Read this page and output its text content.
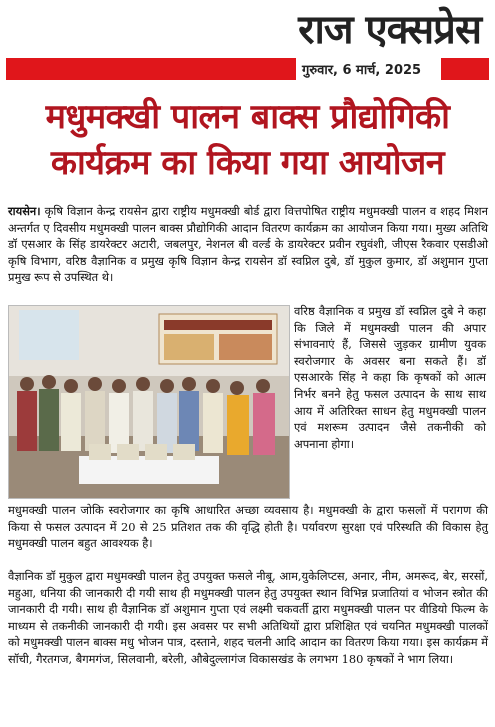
राज एक्सप्रेस
गुरुवार, 6 मार्च, 2025
मधुमक्खी पालन बाक्स प्रौद्योगिकी
कार्यक्रम का किया गया आयोजन
रायसेन। कृषि विज्ञान केन्द्र रायसेन द्वारा राष्ट्रीय मधुमक्खी बोर्ड द्वारा वित्तपोषित राष्ट्रीय मधुमक्खी पालन व शहद मिशन अन्तर्गत ए दिवसीय मधुमक्खी पालन बाक्स प्रौद्योगिकी आदान वितरण कार्यक्रम का आयोजन किया गया। मुख्य अतिथि डॉ एसआर के सिंह डायरेक्टर अटारी, जबलपुर, नेशनल बी वर्ल्ड के डायरेक्टर प्रवीन रघुवंशी, जीएस रैकवार एसडीओ कृषि विभाग, वरिष्ठ वैज्ञानिक व प्रमुख कृषि विज्ञान केन्द्र रायसेन डॉ स्वप्निल दुबे, डॉ मुकुल कुमार, डॉ अशुमान गुप्ता प्रमुख रूप से उपस्थित थे।
वरिष्ठ वैज्ञानिक व प्रमुख डॉ स्वप्निल दुबे ने कहा कि जिले में मधुमक्खी पालन की अपार संभावनाएं हैं, जिससे जुड़कर ग्रामीण युवक स्वरोजगार के अवसर बना सकते हैं। डॉ एसआरके सिंह ने कहा कि कृषकों को आत्म निर्भर बनने हेतु फसल उत्पादन के साथ साथ आय में अतिरिक्त साधन हेतु मधुमक्खी पालन एवं मशरूम उत्पादन जैसे तकनीकी को अपनाना होगा।
मधुमक्खी पालन जोकि स्वरोजगार का कृषि आधारित अच्छा व्यवसाय है। मधुमक्खी के द्वारा फसलों में परागण की किया से फसल उत्पादन में 20 से 25 प्रतिशत तक की वृद्धि होती है। पर्यावरण सुरक्षा एवं परिस्थति की विकास हेतु मधुमक्खी पालन बहुत आवश्यक है।
वैज्ञानिक डॉ मुकुल द्वारा मधुमक्खी पालन हेतु उपयुक्त फसले नीबू, आम,युकेलिप्टस, अनार, नीम, अमरूद, बेर, सरसों, महुआ, धनिया की जानकारी दी गयी साथ ही मधुमक्खी पालन हेतु उपयुक्त स्थान विभिन्न प्रजातियां व भोजन स्त्रोत की जानकारी दी गयी। साथ ही वैज्ञानिक डॉ अशुमान गुप्ता एवं लक्ष्मी चकवर्ती द्वारा मधुमक्खी पालन पर वीडियो फिल्म के माध्यम से तकनीकी जानकारी दी गयी। इस अवसर पर सभी अतिथियों द्वारा प्रशिक्षित एवं चयनित मधुमक्खी पालकों को मधुमक्खी पालन बाक्स मधु भोजन पात्र, दस्ताने, शहद चलनी आदि आदान का वितरण किया गया। इस कार्यक्रम में सॉची, गैरतगज, बैगमगंज, सिलवानी, बरेली, औबेदुल्लागंज विकासखंड के लगभग 180 कृषकों ने भाग लिया।
